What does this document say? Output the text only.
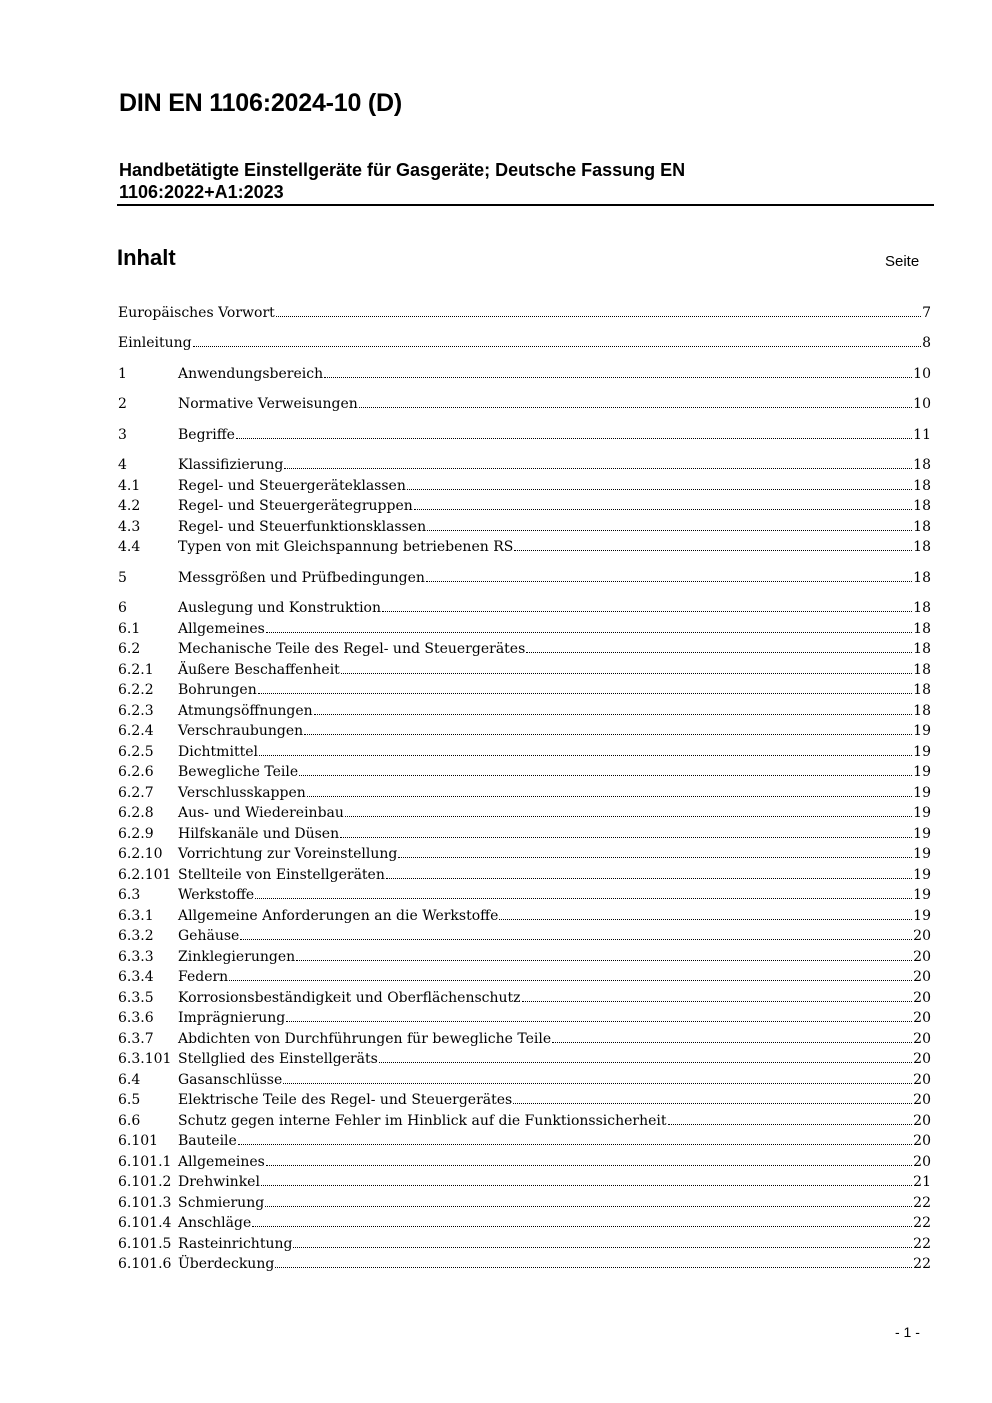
DIN EN 1106:2024-10 (D)

Handbetätigte Einstellgeräte für Gasgeräte; Deutsche Fassung EN 1106:2022+A1:2023

Inhalt	Seite
Europäisches Vorwort	7
Einleitung	8
1	Anwendungsbereich	10
2	Normative Verweisungen	10
3	Begriffe	11
4	Klassifizierung	18
4.1	Regel- und Steuergeräteklassen	18
4.2	Regel- und Steuergerätegruppen	18
4.3	Regel- und Steuerfunktionsklassen	18
4.4	Typen von mit Gleichspannung betriebenen RS	18
5	Messgrößen und Prüfbedingungen	18
6	Auslegung und Konstruktion	18
6.1	Allgemeines	18
6.2	Mechanische Teile des Regel- und Steuergerätes	18
6.2.1	Äußere Beschaffenheit	18
6.2.2	Bohrungen	18
6.2.3	Atmungsöffnungen	18
6.2.4	Verschraubungen	19
6.2.5	Dichtmittel	19
6.2.6	Bewegliche Teile	19
6.2.7	Verschlusskappen	19
6.2.8	Aus- und Wiedereinbau	19
6.2.9	Hilfskanäle und Düsen	19
6.2.10	Vorrichtung zur Voreinstellung	19
6.2.101 Stellteile von Einstellgeräten	19
6.3	Werkstoffe	19
6.3.1	Allgemeine Anforderungen an die Werkstoffe	19
6.3.2	Gehäuse	20
6.3.3	Zinklegierungen	20
6.3.4	Federn	20
6.3.5	Korrosionsbeständigkeit und Oberflächenschutz	20
6.3.6	Imprägnierung	20
6.3.7	Abdichten von Durchführungen für bewegliche Teile	20
6.3.101 Stellglied des Einstellgeräts	20
6.4	Gasanschlüsse	20
6.5	Elektrische Teile des Regel- und Steuergerätes	20
6.6	Schutz gegen interne Fehler im Hinblick auf die Funktionssicherheit	20
6.101	Bauteile	20
6.101.1 Allgemeines	20
6.101.2 Drehwinkel	21
6.101.3 Schmierung	22
6.101.4 Anschläge	22
6.101.5 Rasteinrichtung	22
6.101.6 Überdeckung	22
- 1 -
